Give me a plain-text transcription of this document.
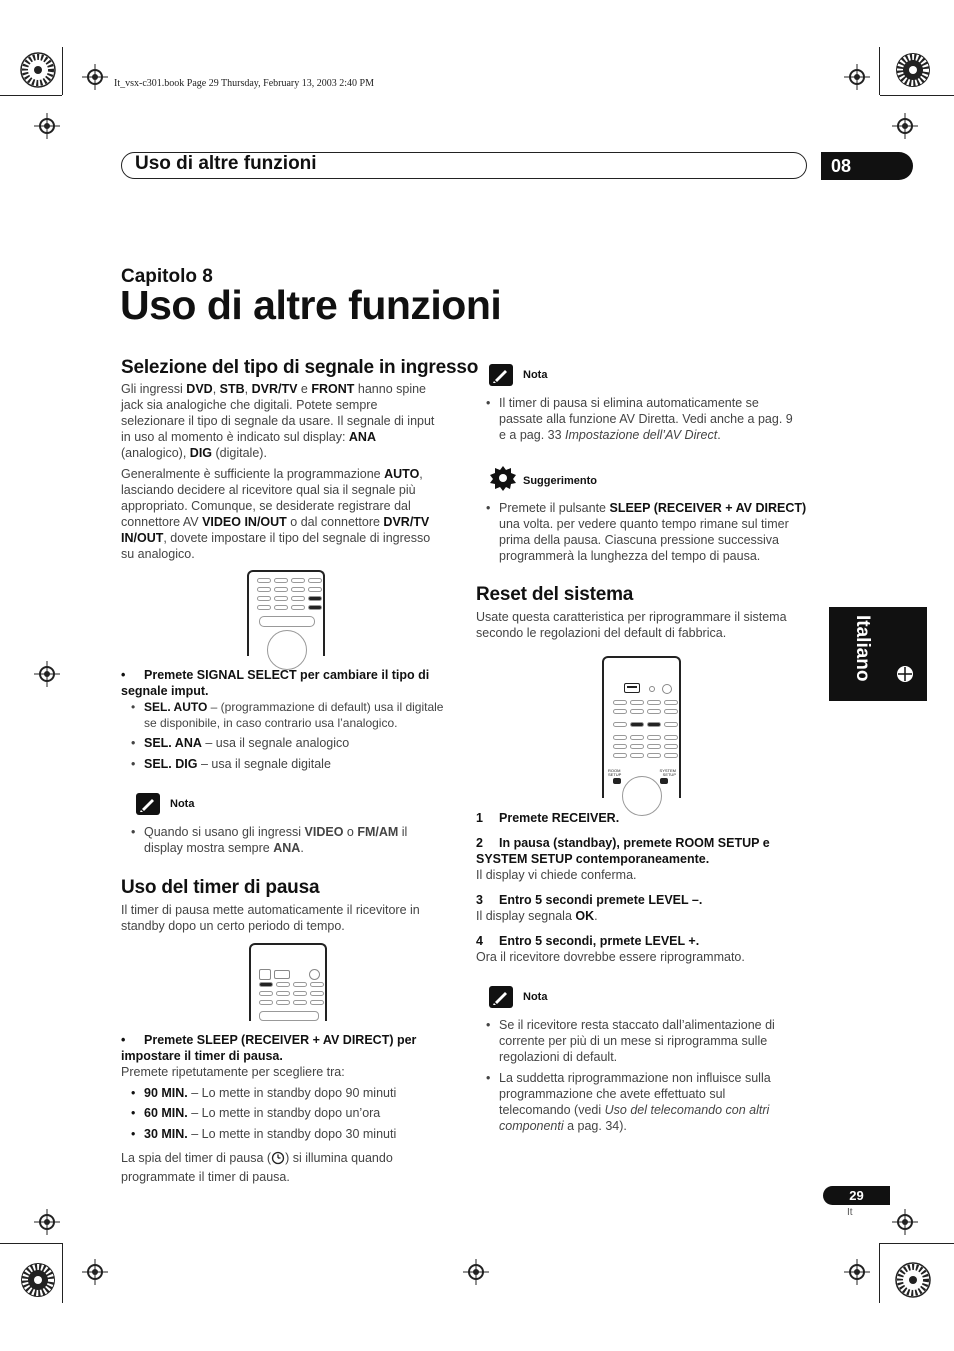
It_vsx-c301.book Page 29 Thursday, February 13, 2003 2:40 PM
Uso di altre funzioni	08
Capitolo 8
Uso di altre funzioni
Italiano
Selezione del tipo di segnale in ingresso
Gli ingressi DVD, STB, DVR/TV e FRONT hanno spine
jack sia analogiche che digitali. Potete sempre
selezionare il tipo di segnale da usare. Il segnale di input
in uso al momento è indicato sul display: ANA
(analogico), DIG (digitale).
Generalmente è sufficiente la programmazione AUTO,
lasciando decidere al ricevitore qual sia il segnale più
appropriato. Comunque, se desiderate registrare dal
connettore AV VIDEO IN/OUT o dal connettore DVR/TV
IN/OUT, dovete impostare il tipo del segnale di ingresso
su analogico.
•	Premete SIGNAL SELECT per cambiare il tipo di
segnale imput.
• SEL. AUTO – (programmazione di default) usa il digitale
se disponibile, in caso contrario usa l’analogico.
• SEL. ANA – usa il segnale analogico
• SEL. DIG – usa il segnale digitale
Nota
• Quando si usano gli ingressi VIDEO o FM/AM il
display mostra sempre ANA.
Uso del timer di pausa
Il timer di pausa mette automaticamente il ricevitore in
standby dopo un certo periodo di tempo.
•	Premete SLEEP (RECEIVER + AV DIRECT) per
impostare il timer di pausa.
Premete ripetutamente per scegliere tra:
• 90 MIN. – Lo mette in standby dopo 90 minuti
• 60 MIN. – Lo mette in standby dopo un’ora
• 30 MIN. – Lo mette in standby dopo 30 minuti
La spia del timer di pausa ( ) si illumina quando
programmate il timer di pausa.
Nota
• Il timer di pausa si elimina automaticamente se
passate alla funzione AV Diretta. Vedi anche a pag. 9
e a pag. 33 Impostazione dell’AV Direct.
Suggerimento
• Premete il pulsante SLEEP (RECEIVER + AV DIRECT)
una volta. per vedere quanto tempo rimane sul timer
prima della pausa. Ciascuna pressione successiva
programmerà la lunghezza del tempo di pausa.
Reset del sistema
Usate questa caratteristica per riprogrammare il sistema
secondo le regolazioni del default di fabbrica.
ROOM SETUP
SYSTEM SETUP
1 Premete RECEIVER.
2 In pausa (standbay), premete ROOM SETUP e
SYSTEM SETUP contemporaneamente.
Il display vi chiede conferma.
3 Entro 5 secondi premete LEVEL –.
Il display segnala OK.
4 Entro 5 secondi, prmete LEVEL +.
Ora il ricevitore dovrebbe essere riprogrammato.
Nota
• Se il ricevitore resta staccato dall’alimentazione di
corrente per più di un mese si riprogramma sulle
regolazioni di default.
• La suddetta riprogrammazione non influisce sulla
programmazione che avete effettuato sul
telecomando (vedi Uso del telecomando con altri
componenti a pag. 34).
29
It
